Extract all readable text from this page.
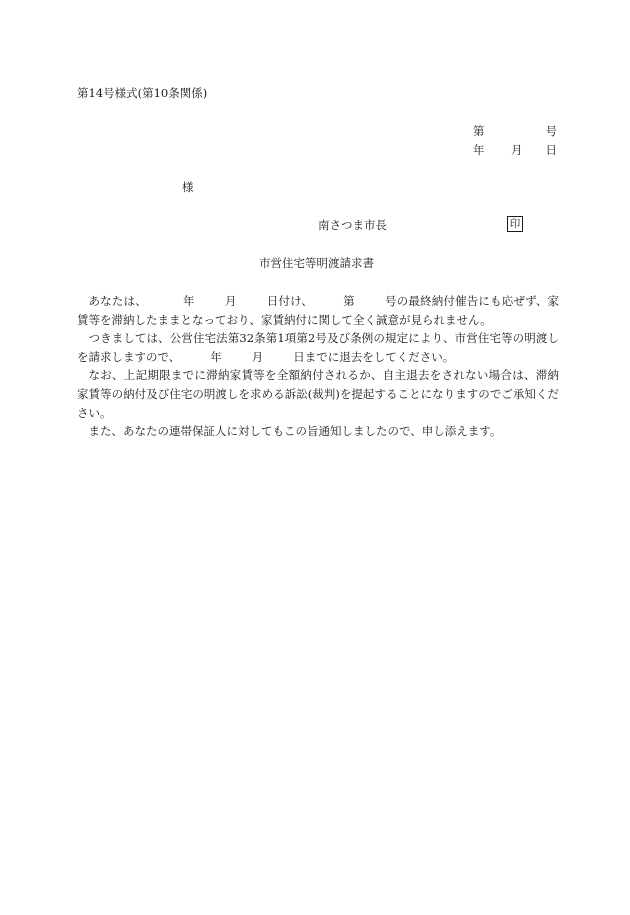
第14号様式(第10条関係)
第	号
年 月 日
様
南さつま市長	印
市営住宅等明渡請求書

あなたは、	年	月	日付け、	第	号の最終納付催告にも応ぜず、家賃等を滞納したままとなっており、家賃納付に関して全く誠意が見られません。

つきましては、公営住宅法第32条第1項第2号及び条例の規定により、市営住宅等の明渡しを請求しますので、	年	月	日までに退去をしてください。

なお、上記期限までに滞納家賃等を全額納付されるか、自主退去をされない場合は、滞納家賃等の納付及び住宅の明渡しを求める訴訟(裁判)を提起することになりますのでご承知ください。

また、あなたの連帯保証人に対してもこの旨通知しましたので、申し添えます。
